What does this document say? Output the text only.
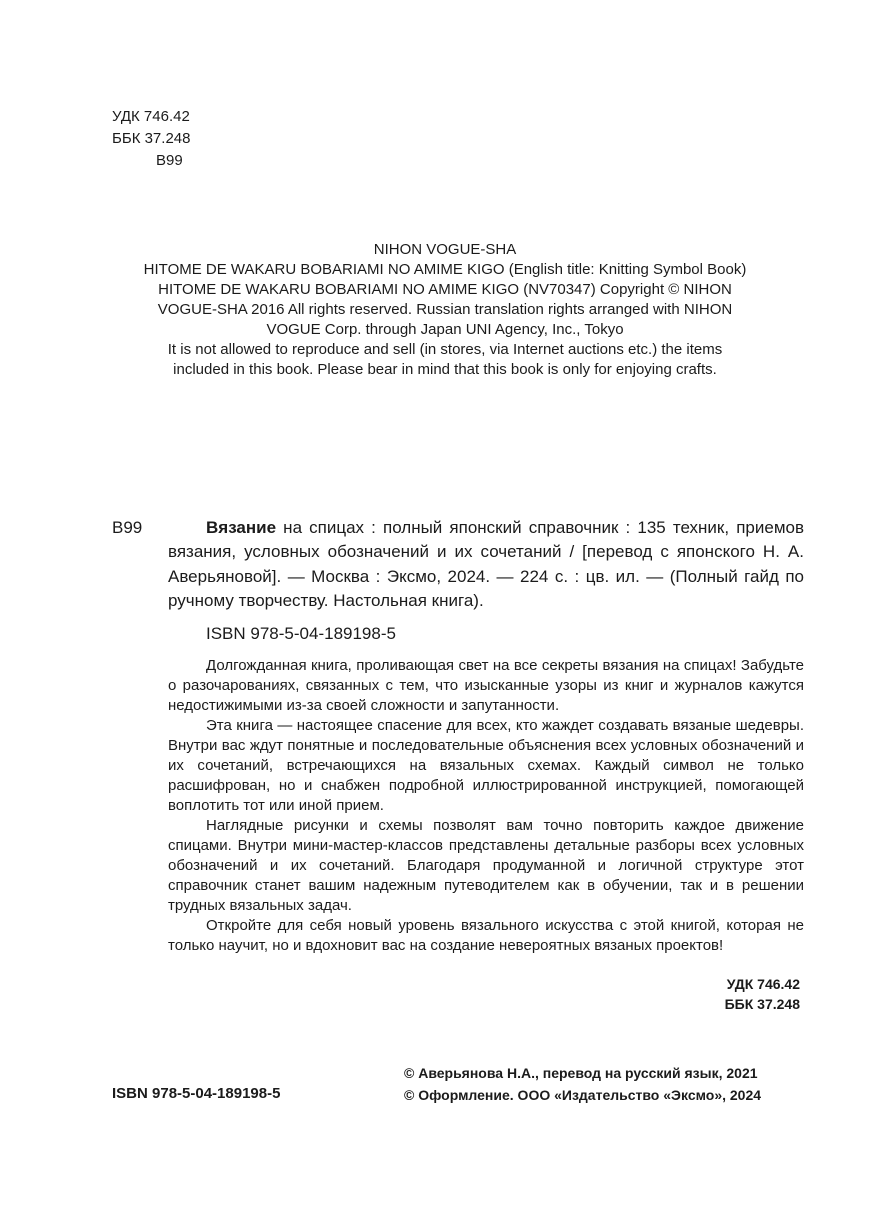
УДК 746.42
ББК 37.248
В99
NIHON VOGUE-SHA
HITOME DE WAKARU BOBARIAMI NO AMIME KIGO (English title: Knitting Symbol Book)
HITOME DE WAKARU BOBARIAMI NO AMIME KIGO (NV70347) Copyright © NIHON
VOGUE-SHA 2016 All rights reserved. Russian translation rights arranged with NIHON
VOGUE Corp. through Japan UNI Agency, Inc., Tokyo
It is not allowed to reproduce and sell (in stores, via Internet auctions etc.) the items
included in this book. Please bear in mind that this book is only for enjoying crafts.
В99	Вязание на спицах : полный японский справочник : 135 техник, приемов вязания, условных обозначений и их сочетаний / [перевод с японского Н. А. Аверьяновой]. — Москва : Эксмо, 2024. — 224 с. : цв. ил. — (Полный гайд по ручному творчеству. Настольная книга).
ISBN 978-5-04-189198-5

Долгожданная книга, проливающая свет на все секреты вязания на спицах! Забудьте о разочарованиях, связанных с тем, что изысканные узоры из книг и журналов кажутся недостижимыми из-за своей сложности и запутанности.

Эта книга — настоящее спасение для всех, кто жаждет создавать вязаные шедевры. Внутри вас ждут понятные и последовательные объяснения всех условных обозначений и их сочетаний, встречающихся на вязальных схемах. Каждый символ не только расшифрован, но и снабжен подробной иллюстрированной инструкцией, помогающей воплотить тот или иной прием.

Наглядные рисунки и схемы позволят вам точно повторить каждое движение спицами. Внутри мини-мастер-классов представлены детальные разборы всех условных обозначений и их сочетаний. Благодаря продуманной и логичной структуре этот справочник станет вашим надежным путеводителем как в обучении, так и в решении трудных вязальных задач.

Откройте для себя новый уровень вязального искусства с этой книгой, которая не только научит, но и вдохновит вас на создание невероятных вязаных проектов!

УДК 746.42
ББК 37.248
ISBN 978-5-04-189198-5
© Аверьянова Н.А., перевод на русский язык, 2021
© Оформление. ООО «Издательство «Эксмо», 2024
